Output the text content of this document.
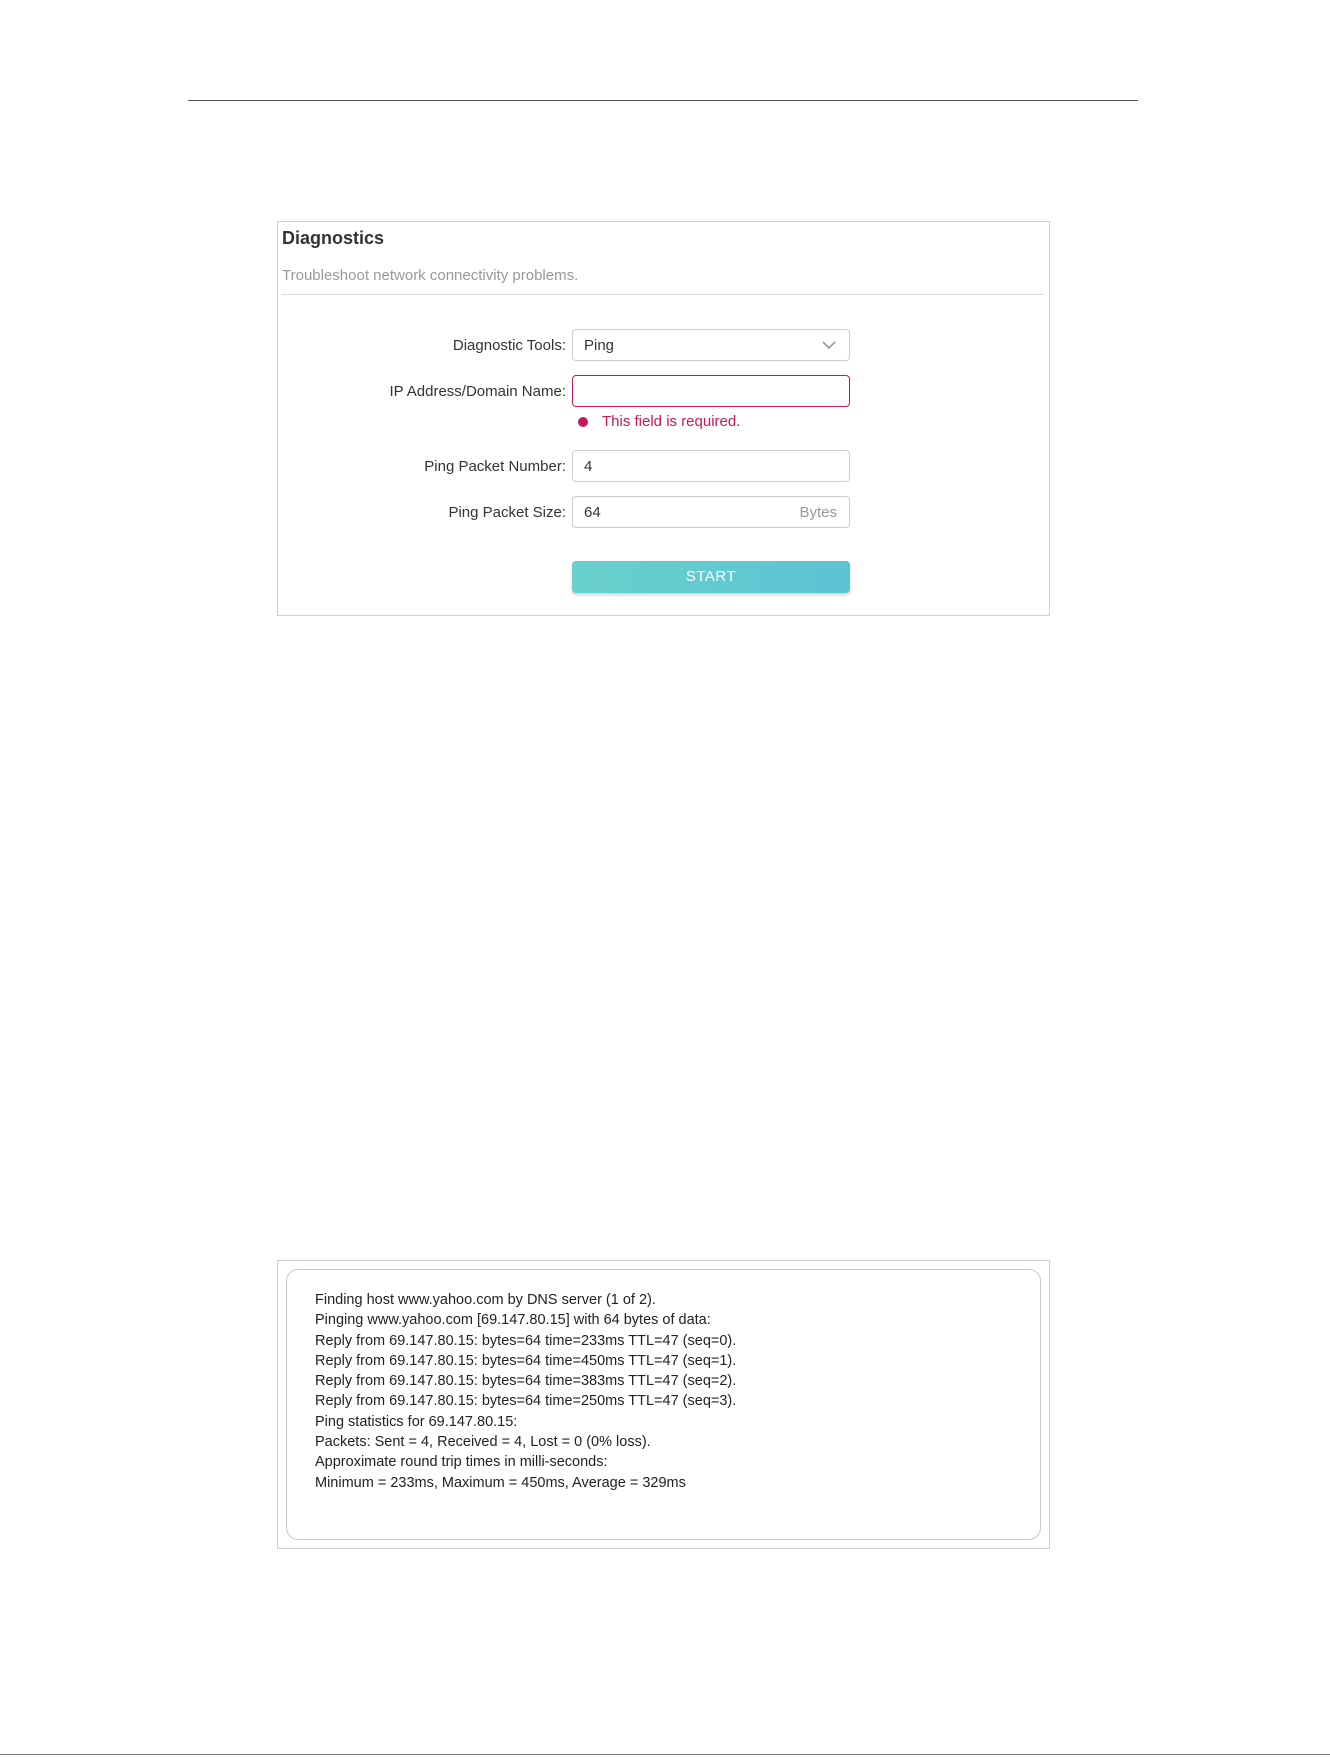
Diagnostics
Troubleshoot network connectivity problems.
Diagnostic Tools: Ping
IP Address/Domain Name:
This field is required.
Ping Packet Number:
4
Ping Packet Size:
64	Bytes
START
Finding host www.yahoo.com by DNS server (1 of 2).
Pinging www.yahoo.com [69.147.80.15] with 64 bytes of data:
Reply from 69.147.80.15: bytes=64 time=233ms TTL=47 (seq=0).
Reply from 69.147.80.15: bytes=64 time=450ms TTL=47 (seq=1).
Reply from 69.147.80.15: bytes=64 time=383ms TTL=47 (seq=2).
Reply from 69.147.80.15: bytes=64 time=250ms TTL=47 (seq=3).
Ping statistics for 69.147.80.15:
Packets: Sent = 4, Received = 4, Lost = 0 (0% loss).
Approximate round trip times in milli-seconds:
Minimum = 233ms, Maximum = 450ms, Average = 329ms
